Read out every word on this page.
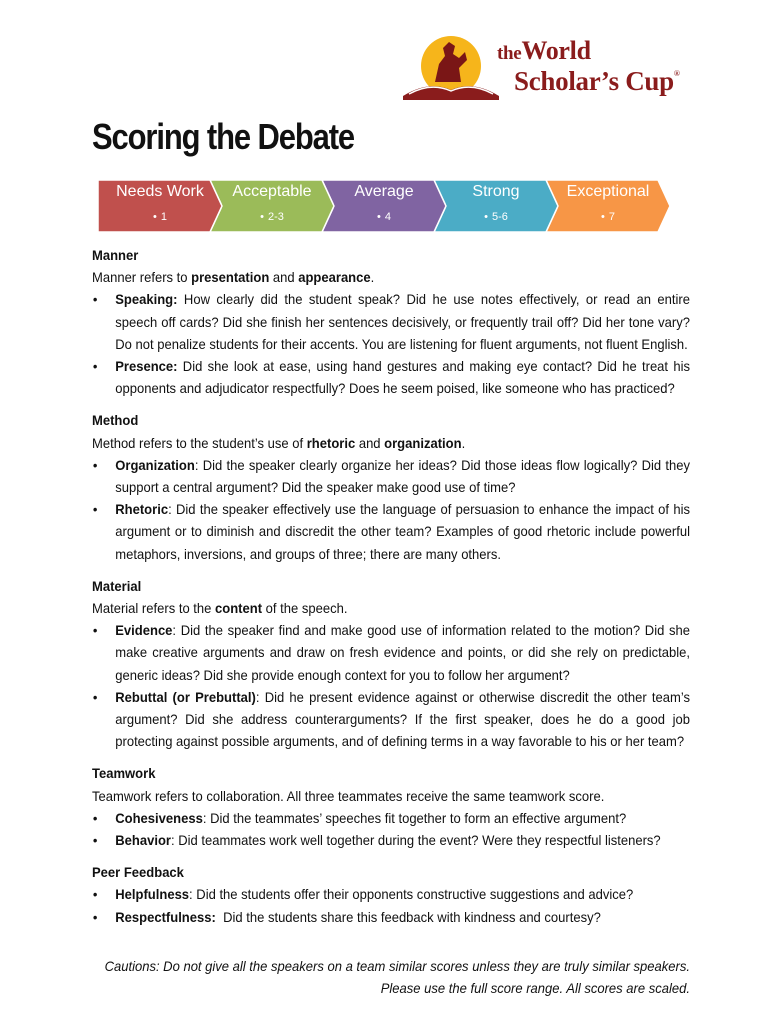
theWorld
Scholar’s Cup®
Scoring the Debate
Needs Work
• 1
Acceptable
• 2-3
Average
• 4
Strong
• 5-6
Exceptional
• 7

Manner

Manner refers to presentation and appearance.

• Speaking: How clearly did the student speak? Did he use notes effectively, or read an entire speech off cards? Did she finish her sentences decisively, or frequently trail off? Did her tone vary? Do not penalize students for their accents. You are listening for fluent arguments, not fluent English.
• Presence: Did she look at ease, using hand gestures and making eye contact? Did he treat his opponents and adjudicator respectfully? Does he seem poised, like someone who has practiced?

Method

Method refers to the student’s use of rhetoric and organization.

• Organization: Did the speaker clearly organize her ideas? Did those ideas flow logically? Did they support a central argument? Did the speaker make good use of time?
• Rhetoric: Did the speaker effectively use the language of persuasion to enhance the impact of his argument or to diminish and discredit the other team? Examples of good rhetoric include powerful metaphors, inversions, and groups of three; there are many others.

Material

Material refers to the content of the speech.

• Evidence: Did the speaker find and make good use of information related to the motion? Did she make creative arguments and draw on fresh evidence and points, or did she rely on predictable, generic ideas? Did she provide enough context for you to follow her argument?
• Rebuttal (or Prebuttal): Did he present evidence against or otherwise discredit the other team’s argument? Did she address counterarguments? If the first speaker, does he do a good job protecting against possible arguments, and of defining terms in a way favorable to his or her team?

Teamwork

Teamwork refers to collaboration. All three teammates receive the same teamwork score.

• Cohesiveness: Did the teammates’ speeches fit together to form an effective argument?
• Behavior: Did teammates work well together during the event? Were they respectful listeners?

Peer Feedback

• Helpfulness: Did the students offer their opponents constructive suggestions and advice?
• Respectfulness:  Did the students share this feedback with kindness and courtesy?
Cautions: Do not give all the speakers on a team similar scores unless they are truly similar speakers.
Please use the full score range. All scores are scaled.
